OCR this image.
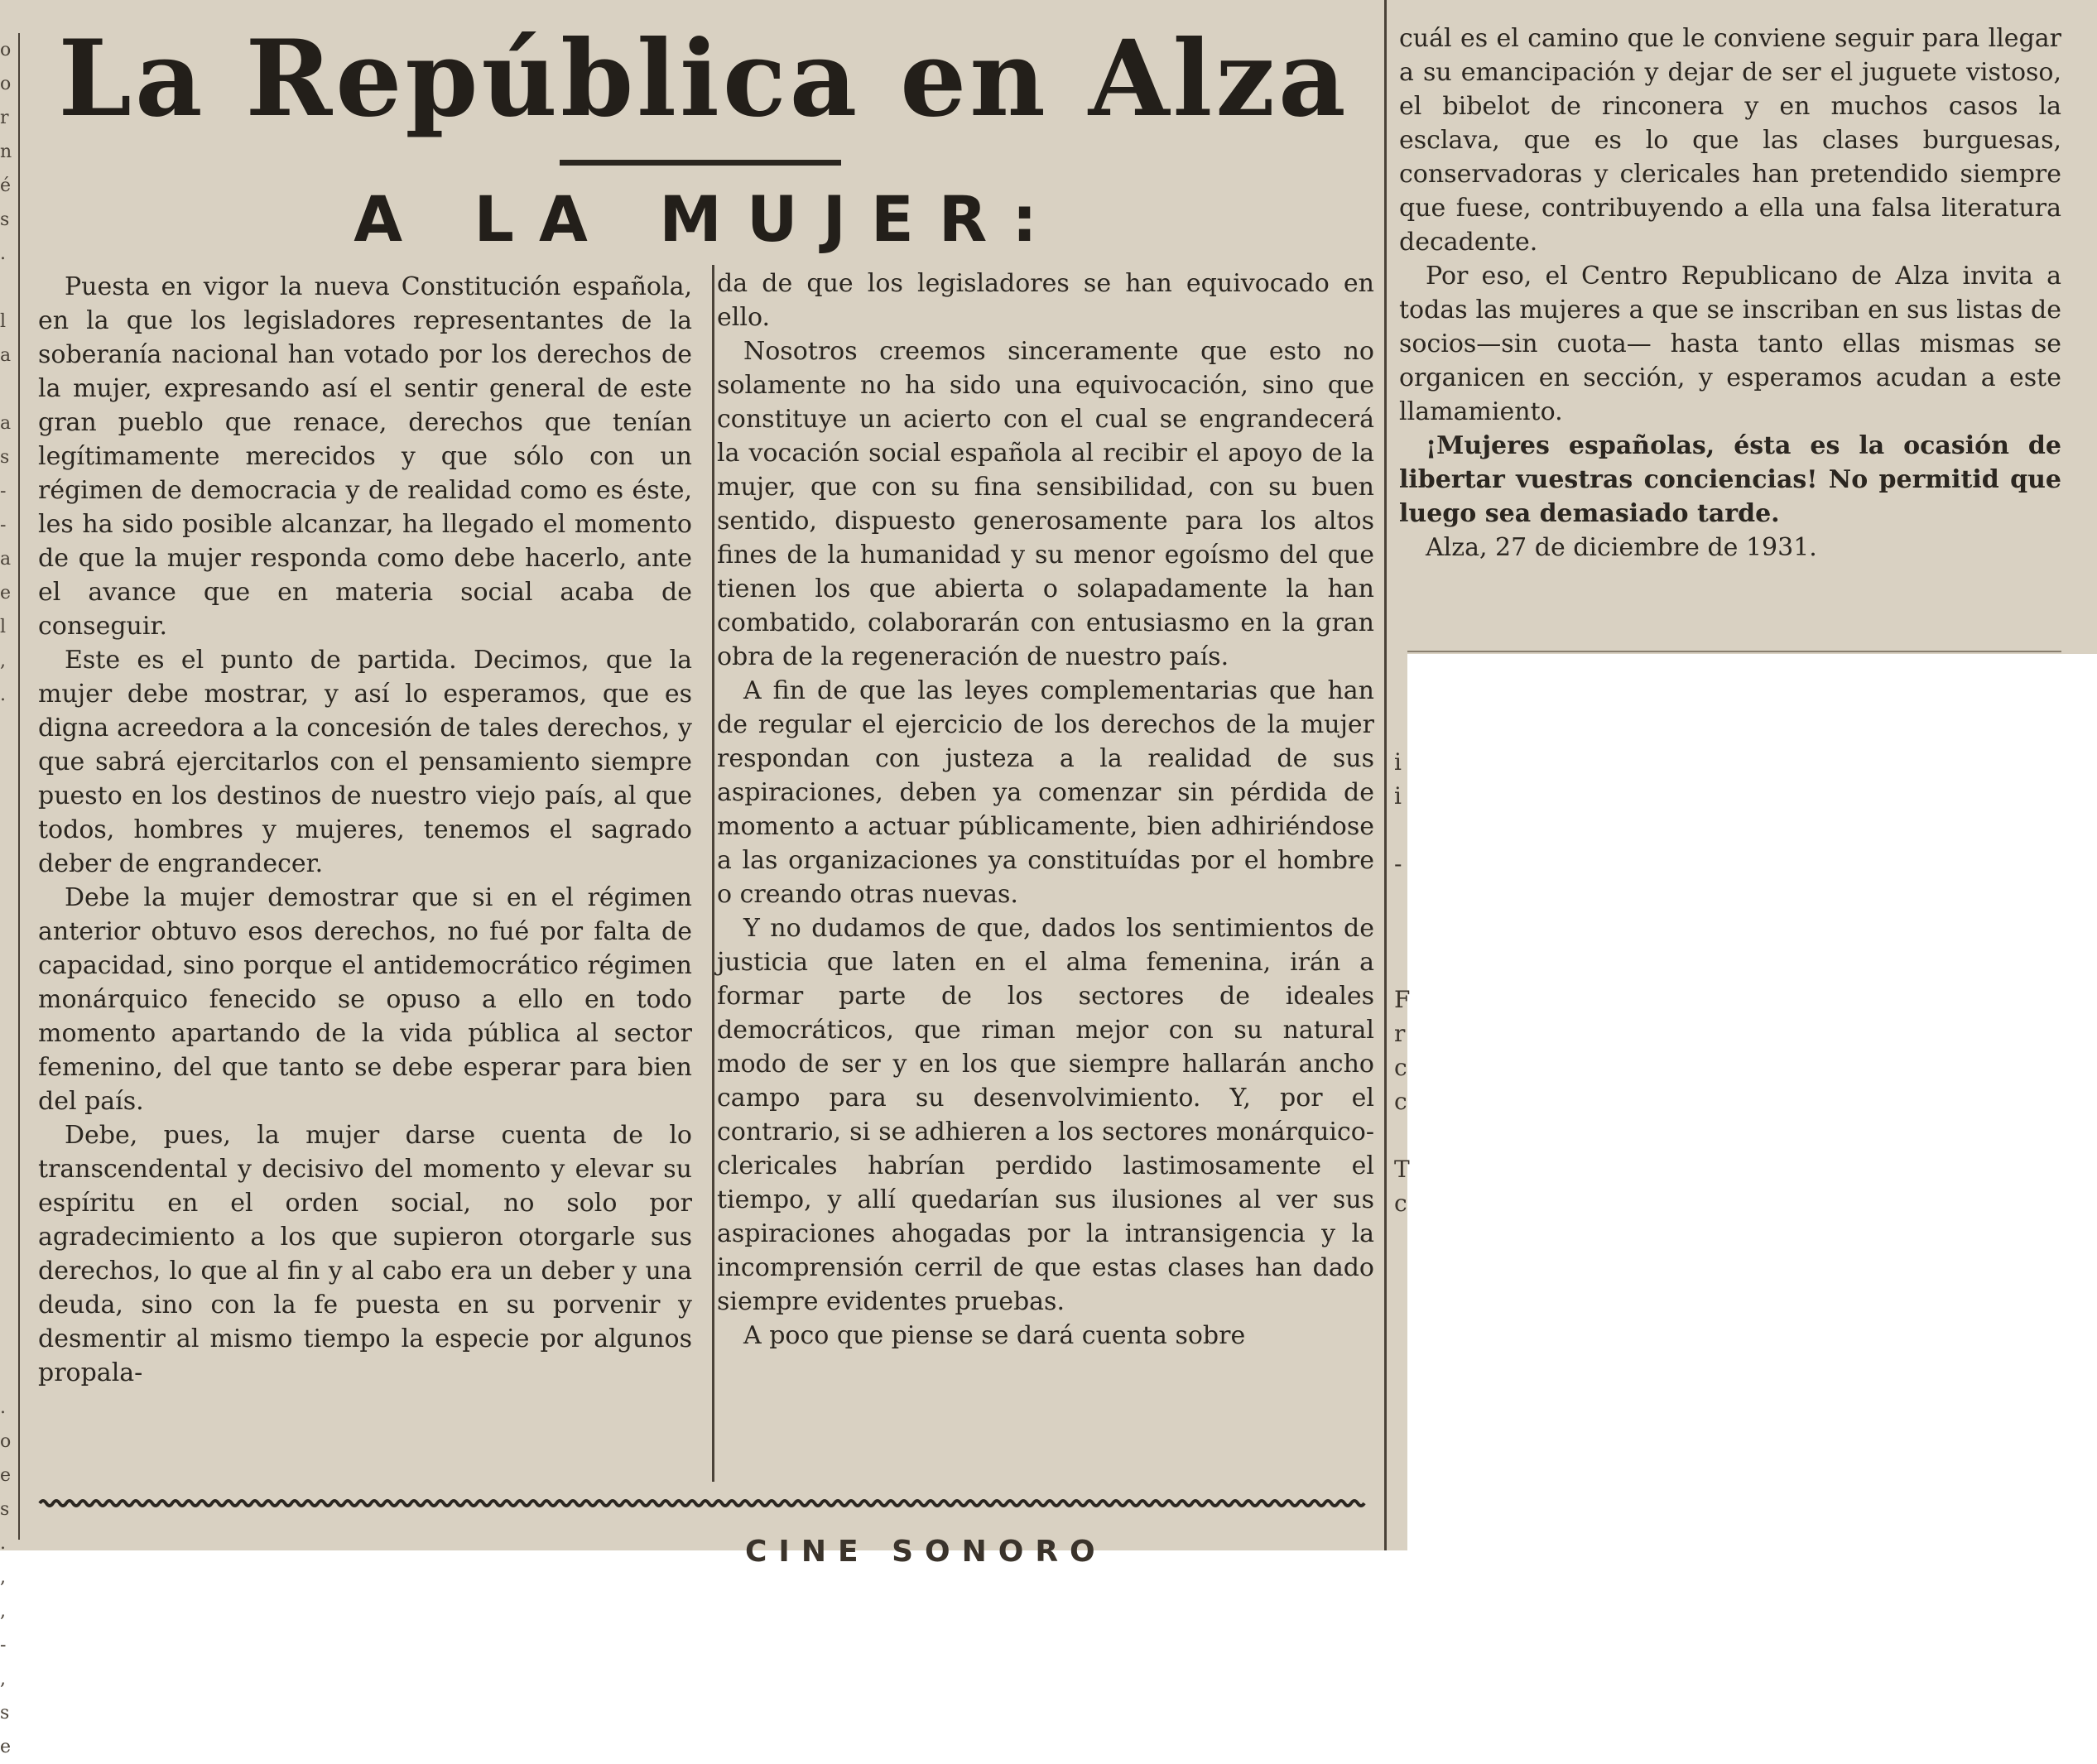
o
o
r
n
é
s
.

l
a

a
s
-
-
a
e
l
,
.

.
o
e
s
.
,
,
-
,
s
e
La República en Alza
A LA MUJER:

Puesta en vigor la nueva Constitución española, en la que los legisladores representantes de la soberanía nacional han votado por los derechos de la mujer, expresando así el sentir general de este gran pueblo que renace, derechos que tenían legítimamente merecidos y que sólo con un régimen de democracia y de realidad como es éste, les ha sido posible alcanzar, ha llegado el momento de que la mujer responda como debe hacerlo, ante el avance que en materia social acaba de conseguir.

Este es el punto de partida. Decimos, que la mujer debe mostrar, y así lo esperamos, que es digna acreedora a la concesión de tales derechos, y que sabrá ejercitarlos con el pensamiento siempre puesto en los destinos de nuestro viejo país, al que todos, hombres y mujeres, tenemos el sagrado deber de engrandecer.

Debe la mujer demostrar que si en el régimen anterior obtuvo esos derechos, no fué por falta de capacidad, sino porque el antidemocrático régimen monárquico fenecido se opuso a ello en todo momento apartando de la vida pública al sector femenino, del que tanto se debe esperar para bien del país.

Debe, pues, la mujer darse cuenta de lo transcendental y decisivo del momento y elevar su espíritu en el orden social, no solo por agradecimiento a los que supieron otorgarle sus derechos, lo que al fin y al cabo era un deber y una deuda, sino con la fe puesta en su porvenir y desmentir al mismo tiempo la especie por algunos propala-

da de que los legisladores se han equivocado en ello.

Nosotros creemos sinceramente que esto no solamente no ha sido una equivocación, sino que constituye un acierto con el cual se engrandecerá la vocación social española al recibir el apoyo de la mujer, que con su fina sensibilidad, con su buen sentido, dispuesto generosamente para los altos fines de la humanidad y su menor egoísmo del que tienen los que abierta o solapadamente la han combatido, colaborarán con entusiasmo en la gran obra de la regeneración de nuestro país.

A fin de que las leyes complementarias que han de regular el ejercicio de los derechos de la mujer respondan con justeza a la realidad de sus aspiraciones, deben ya comenzar sin pérdida de momento a actuar públicamente, bien adhiriéndose a las organizaciones ya constituídas por el hombre o creando otras nuevas.

Y no dudamos de que, dados los sentimientos de justicia que laten en el alma femenina, irán a formar parte de los sectores de ideales democráticos, que riman mejor con su natural modo de ser y en los que siempre hallarán ancho campo para su desenvolvimiento. Y, por el contrario, si se adhieren a los sectores monárquico-clericales habrían perdido lastimosamente el tiempo, y allí quedarían sus ilusiones al ver sus aspiraciones ahogadas por la intransigencia y la incomprensión cerril de que estas clases han dado siempre evidentes pruebas.

A poco que piense se dará cuenta sobre

cuál es el camino que le conviene seguir para llegar a su emancipación y dejar de ser el juguete vistoso, el bibelot de rinconera y en muchos casos la esclava, que es lo que las clases burguesas, conservadoras y clericales han pretendido siempre que fuese, contribuyendo a ella una falsa literatura decadente.

Por eso, el Centro Republicano de Alza invita a todas las mujeres a que se inscriban en sus listas de socios—sin cuota— hasta tanto ellas mismas se organicen en sección, y esperamos acudan a este llamamiento.

¡Mujeres españolas, ésta es la ocasión de libertar vuestras conciencias! No permitid que luego sea demasiado tarde.

Alza, 27 de diciembre de 1931.

i
i

-

F
r
c
c

T
c
CINE SONORO
